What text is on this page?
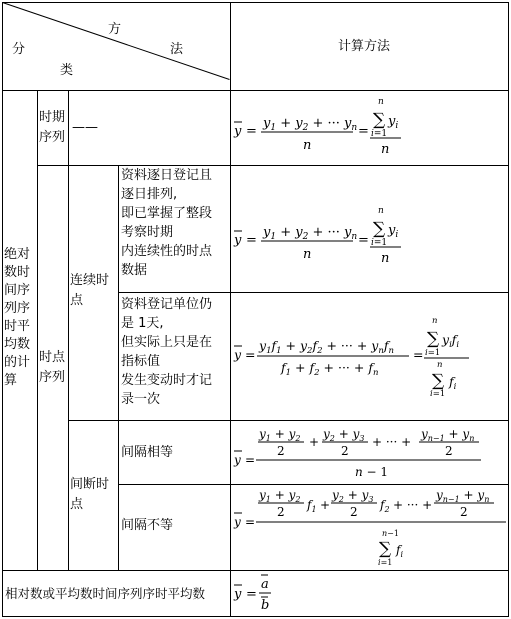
方
法
分
类
计算方法
绝对数时间序列序时平均数的计算
时期序列
——
时点序列
连续时点
间断时点
资料逐日登记且
逐日排列,
即已掌握了整段
考察时期
内连续性的时点
数据
资料登记单位仍
是 1天,
但实际上只是在
指标值
发生变动时才记
录一次
间隔相等
间隔不等
相对数或平均数时间序列序时平均数
y =
$y_1 + y_2$ + ··· $y_n$
n
=
n
∑ $y_i$
i=1
n
y =
$y_1 + y_2$ + ··· $y_n$
n
=
n
∑ $y_i$
i=1
n
y =
$y_1f_1 + y_2f_2$ + ··· + $y_nf_n$
$f_1 + f_2$ + ··· + $f_n$
=
n
∑ $y_if_i$
i=1
n
∑ $f_i$
i=1
y =
$y_1 + y_2$
2
+
$y_2 + y_3$
2
+ ··· +
$y_{n-1} + y_n$
2
n − 1
y =
$y_1 + y_2$
2 $f_1$ +
$y_2 + y_3$
2 $f_2$ + ··· +
$y_{n-1} + y_n$
2
n−1
∑ $f_i$
i=1
y =
a
b
